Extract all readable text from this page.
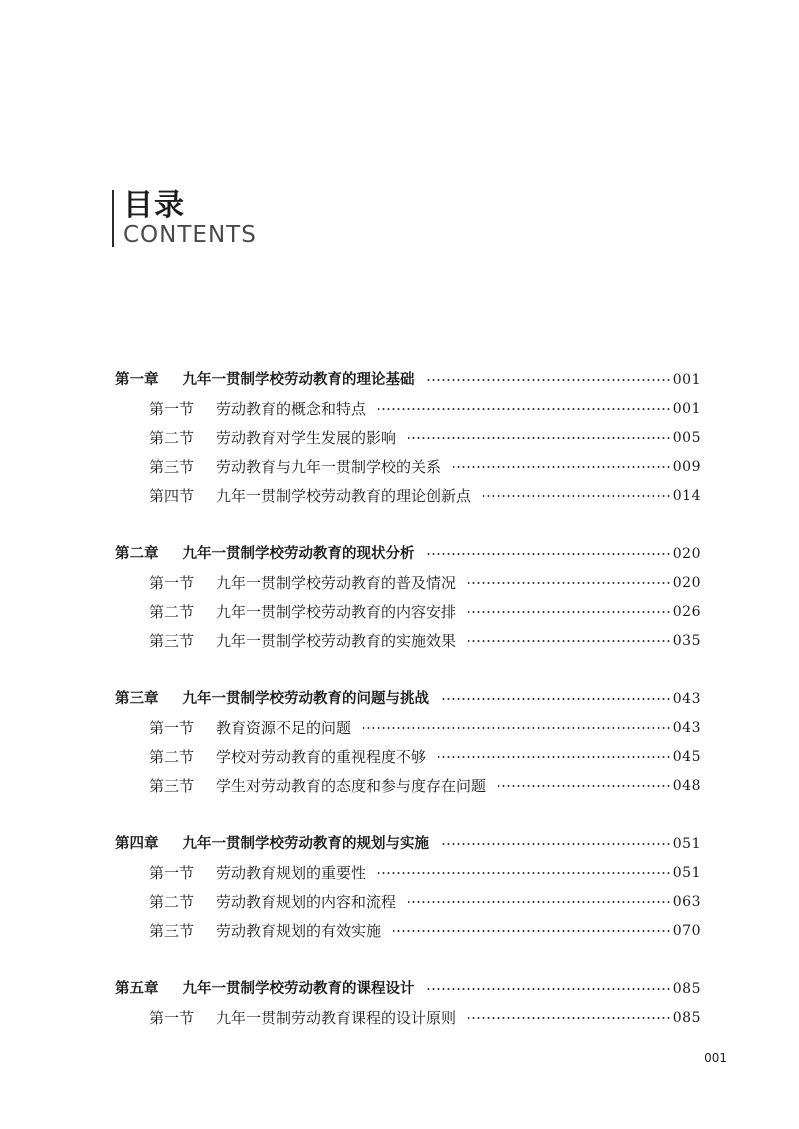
目录
CONTENTS
第一章 九年一贯制学校劳动教育的理论基础	001
第一节 劳动教育的概念和特点	001
第二节 劳动教育对学生发展的影响	005
第三节 劳动教育与九年一贯制学校的关系	009
第四节 九年一贯制学校劳动教育的理论创新点	014
第二章 九年一贯制学校劳动教育的现状分析	020
第一节 九年一贯制学校劳动教育的普及情况	020
第二节 九年一贯制学校劳动教育的内容安排	026
第三节 九年一贯制学校劳动教育的实施效果	035
第三章 九年一贯制学校劳动教育的问题与挑战	043
第一节 教育资源不足的问题	043
第二节 学校对劳动教育的重视程度不够	045
第三节 学生对劳动教育的态度和参与度存在问题	048
第四章 九年一贯制学校劳动教育的规划与实施	051
第一节 劳动教育规划的重要性	051
第二节 劳动教育规划的内容和流程	063
第三节 劳动教育规划的有效实施	070
第五章 九年一贯制学校劳动教育的课程设计	085
第一节 九年一贯制劳动教育课程的设计原则	085
001
